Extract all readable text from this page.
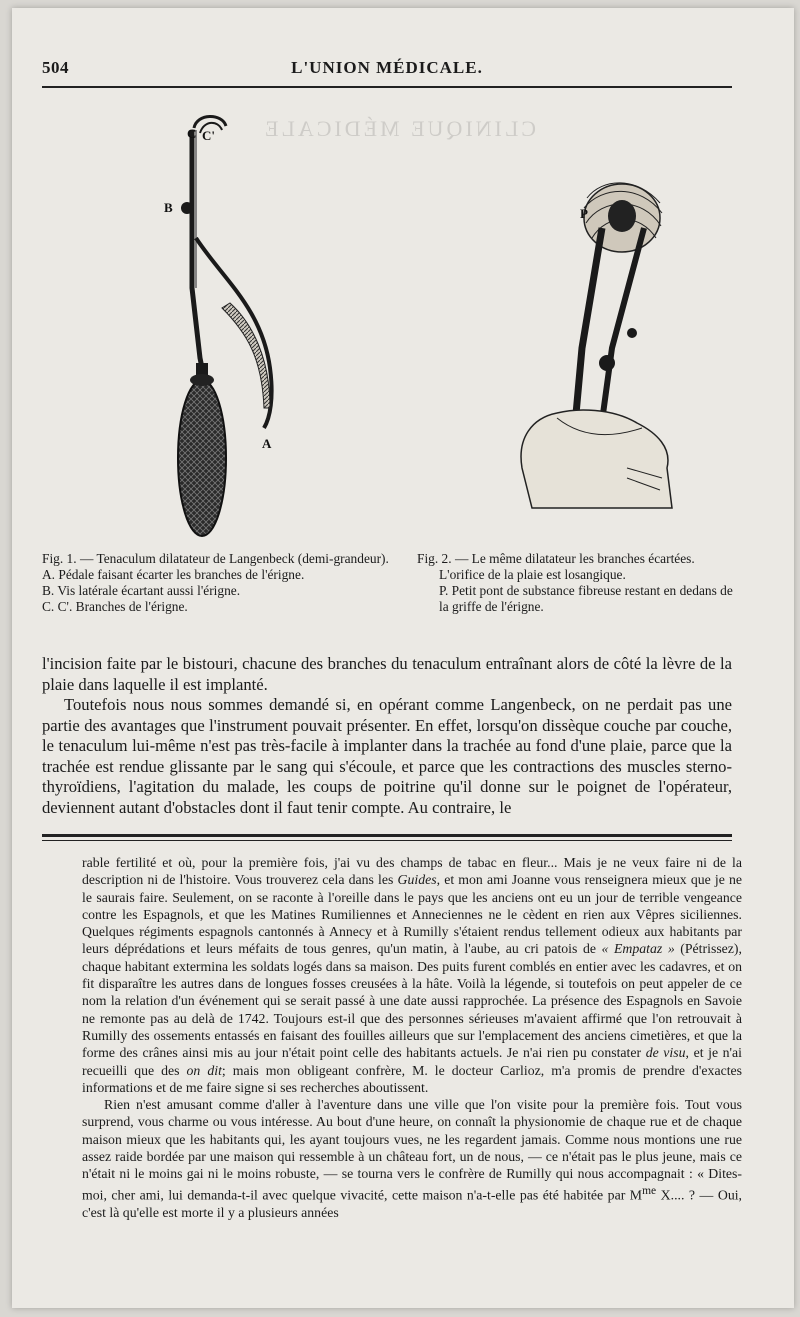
CLINIQUE MÉDICALE
504	L'UNION MÉDICALE.
C C'
B
A
P

Fig. 1. — Tenaculum dilatateur de Langenbeck (demi-grandeur).

A. Pédale faisant écarter les branches de l'érigne.

B. Vis latérale écartant aussi l'érigne.

C. C'. Branches de l'érigne.

Fig. 2. — Le même dilatateur les branches écartées.

L'orifice de la plaie est losangique.

P. Petit pont de substance fibreuse restant en dedans de la griffe de l'érigne.

l'incision faite par le bistouri, chacune des branches du tenaculum entraînant alors de côté la lèvre de la plaie dans laquelle il est implanté.

Toutefois nous nous sommes demandé si, en opérant comme Langenbeck, on ne perdait pas une partie des avantages que l'instrument pouvait présenter. En effet, lorsqu'on dissèque couche par couche, le tenaculum lui-même n'est pas très-facile à implanter dans la trachée au fond d'une plaie, parce que la trachée est rendue glissante par le sang qui s'écoule, et parce que les contractions des muscles sterno-thyroïdiens, l'agitation du malade, les coups de poitrine qu'il donne sur le poignet de l'opérateur, deviennent autant d'obstacles dont il faut tenir compte. Au contraire, le

rable fertilité et où, pour la première fois, j'ai vu des champs de tabac en fleur... Mais je ne veux faire ni de la description ni de l'histoire. Vous trouverez cela dans les Guides, et mon ami Joanne vous renseignera mieux que je ne le saurais faire. Seulement, on se raconte à l'oreille dans le pays que les anciens ont eu un jour de terrible vengeance contre les Espagnols, et que les Matines Rumiliennes et Anneciennes ne le cèdent en rien aux Vêpres siciliennes. Quelques régiments espagnols cantonnés à Annecy et à Rumilly s'étaient rendus tellement odieux aux habitants par leurs déprédations et leurs méfaits de tous genres, qu'un matin, à l'aube, au cri patois de « Empataz » (Pétrissez), chaque habitant extermina les soldats logés dans sa maison. Des puits furent comblés en entier avec les cadavres, et on fit disparaître les autres dans de longues fosses creusées à la hâte. Voilà la légende, si toutefois on peut appeler de ce nom la relation d'un événement qui se serait passé à une date aussi rapprochée. La présence des Espagnols en Savoie ne remonte pas au delà de 1742. Toujours est-il que des personnes sérieuses m'avaient affirmé que l'on retrouvait à Rumilly des ossements entassés en faisant des fouilles ailleurs que sur l'emplacement des anciens cimetières, et que la forme des crânes ainsi mis au jour n'était point celle des habitants actuels. Je n'ai rien pu constater de visu, et je n'ai recueilli que des on dit; mais mon obligeant confrère, M. le docteur Carlioz, m'a promis de prendre d'exactes informations et de me faire signe si ses recherches aboutissent.

Rien n'est amusant comme d'aller à l'aventure dans une ville que l'on visite pour la première fois. Tout vous surprend, vous charme ou vous intéresse. Au bout d'une heure, on connaît la physionomie de chaque rue et de chaque maison mieux que les habitants qui, les ayant toujours vues, ne les regardent jamais. Comme nous montions une rue assez raide bordée par une maison qui ressemble à un château fort, un de nous, — ce n'était pas le plus jeune, mais ce n'était ni le moins gai ni le moins robuste, — se tourna vers le confrère de Rumilly qui nous accompagnait : « Dites-moi, cher ami, lui demanda-t-il avec quelque vivacité, cette maison n'a-t-elle pas été habitée par $M^{me}$ X.... ? — Oui, c'est là qu'elle est morte il y a plusieurs années
